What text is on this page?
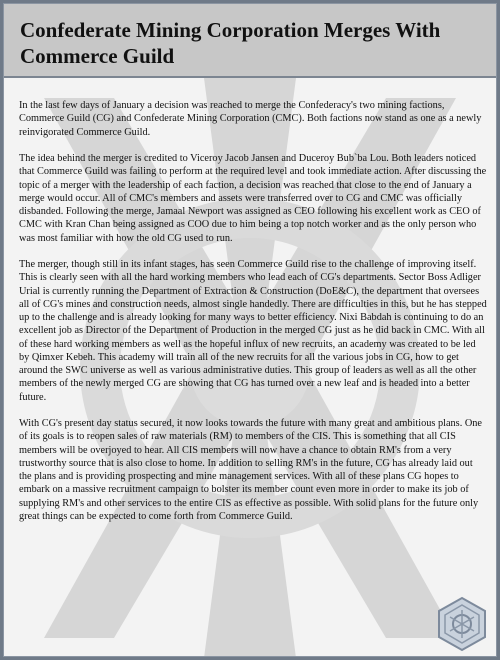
Confederate Mining Corporation Merges With Commerce Guild

In the last few days of January a decision was reached to merge the Confederacy's two mining factions, Commerce Guild (CG) and Confederate Mining Corporation (CMC). Both factions now stand as one as a newly reinvigorated Commerce Guild.

The idea behind the merger is credited to Viceroy Jacob Jansen and Duceroy Bub`ba Lou. Both leaders noticed that Commerce Guild was failing to perform at the required level and took immediate action. After discussing the topic of a merger with the leadership of each faction, a decision was reached that close to the end of January a merge would occur. All of CMC's members and assets were transferred over to CG and CMC was officially disbanded. Following the merge, Jamaal Newport was assigned as CEO following his excellent work as CEO of CMC with Kran Chan being assigned as COO due to him being a top notch worker and as the only person who was most familiar with how the old CG used to run.

The merger, though still in its infant stages, has seen Commerce Guild rise to the challenge of improving itself. This is clearly seen with all the hard working members who lead each of CG's departments. Sector Boss Adliger Urial is currently running the Department of Extraction & Construction (DoE&C), the department that oversees all of CG's mines and construction needs, almost single handedly. There are difficulties in this, but he has stepped up to the challenge and is already looking for many ways to better efficiency. Nixi Babdah is continuing to do an excellent job as Director of the Department of Production in the merged CG just as he did back in CMC. With all of these hard working members as well as the hopeful influx of new recruits, an academy was created to be led by Qimxer Kebeh. This academy will train all of the new recruits for all the various jobs in CG, how to get around the SWC universe as well as various administrative duties. This group of leaders as well as all the other members of the newly merged CG are showing that CG has turned over a new leaf and is headed into a better future.

With CG's present day status secured, it now looks towards the future with many great and ambitious plans. One of its goals is to reopen sales of raw materials (RM) to members of the CIS. This is something that all CIS members will be overjoyed to hear. All CIS members will now have a chance to obtain RM's from a very trustworthy source that is also close to home. In addition to selling RM's in the future, CG has already laid out the plans and is providing prospecting and mine management services. With all of these plans CG hopes to embark on a massive recruitment campaign to bolster its member count even more in order to make its job of supplying RM's and other services to the entire CIS as effective as possible. With solid plans for the future only great things can be expected to come forth from Commerce Guild.
